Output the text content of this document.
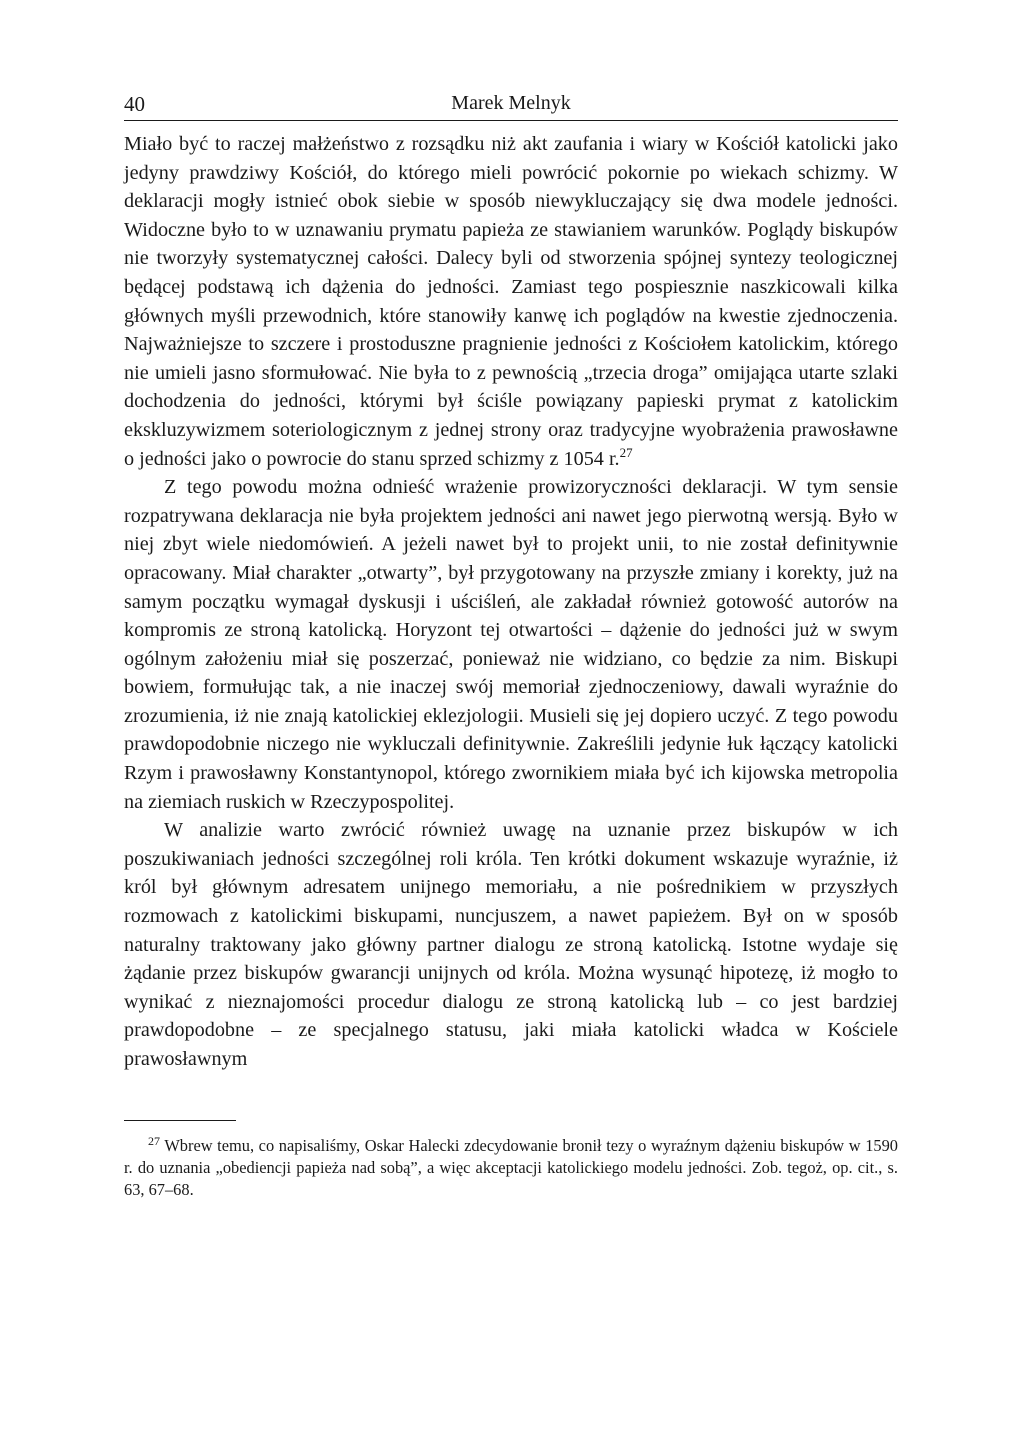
40	Marek Melnyk

Miało być to raczej małżeństwo z rozsądku niż akt zaufania i wiary w Kościół katolicki jako jedyny prawdziwy Kościół, do którego mieli powrócić pokornie po wiekach schizmy. W deklaracji mogły istnieć obok siebie w sposób niewykluczający się dwa modele jedności. Widoczne było to w uznawaniu prymatu papieża ze stawianiem warunków. Poglądy biskupów nie tworzyły systematycznej całości. Dalecy byli od stworzenia spójnej syntezy teologicznej będącej podstawą ich dążenia do jedności. Zamiast tego pospiesznie naszkicowali kilka głównych myśli przewodnich, które stanowiły kanwę ich poglądów na kwestie zjednoczenia. Najważniejsze to szczere i prostoduszne pragnienie jedności z Kościołem katolickim, którego nie umieli jasno sformułować. Nie była to z pewnością „trzecia droga” omijająca utarte szlaki dochodzenia do jedności, którymi był ściśle powiązany papieski prymat z katolickim ekskluzywizmem soteriologicznym z jednej strony oraz tradycyjne wyobrażenia prawosławne o jedności jako o powrocie do stanu sprzed schizmy z 1054 r.$^{27}$

Z tego powodu można odnieść wrażenie prowizoryczności deklaracji. W tym sensie rozpatrywana deklaracja nie była projektem jedności ani nawet jego pierwotną wersją. Było w niej zbyt wiele niedomówień. A jeżeli nawet był to projekt unii, to nie został definitywnie opracowany. Miał charakter „otwarty”, był przygotowany na przyszłe zmiany i korekty, już na samym początku wymagał dyskusji i uściśleń, ale zakładał również gotowość autorów na kompromis ze stroną katolicką. Horyzont tej otwartości – dążenie do jedności już w swym ogólnym założeniu miał się poszerzać, ponieważ nie widziano, co będzie za nim. Biskupi bowiem, formułując tak, a nie inaczej swój memoriał zjednoczeniowy, dawali wyraźnie do zrozumienia, iż nie znają katolickiej eklezjologii. Musieli się jej dopiero uczyć. Z tego powodu prawdopodobnie niczego nie wykluczali definitywnie. Zakreślili jedynie łuk łączący katolicki Rzym i prawosławny Konstantynopol, którego zwornikiem miała być ich kijowska metropolia na ziemiach ruskich w Rzeczypospolitej.

W analizie warto zwrócić również uwagę na uznanie przez biskupów w ich poszukiwaniach jedności szczególnej roli króla. Ten krótki dokument wskazuje wyraźnie, iż król był głównym adresatem unijnego memoriału, a nie pośrednikiem w przyszłych rozmowach z katolickimi biskupami, nuncjuszem, a nawet papieżem. Był on w sposób naturalny traktowany jako główny partner dialogu ze stroną katolicką. Istotne wydaje się żądanie przez biskupów gwarancji unijnych od króla. Można wysunąć hipotezę, iż mogło to wynikać z nieznajomości procedur dialogu ze stroną katolicką lub – co jest bardziej prawdopodobne – ze specjalnego statusu, jaki miała katolicki władca w Kościele prawosławnym

$^{27}$ Wbrew temu, co napisaliśmy, Oskar Halecki zdecydowanie bronił tezy o wyraźnym dążeniu biskupów w 1590 r. do uznania „obediencji papieża nad sobą”, a więc akceptacji katolickiego modelu jedności. Zob. tegoż, op. cit., s. 63, 67–68.
